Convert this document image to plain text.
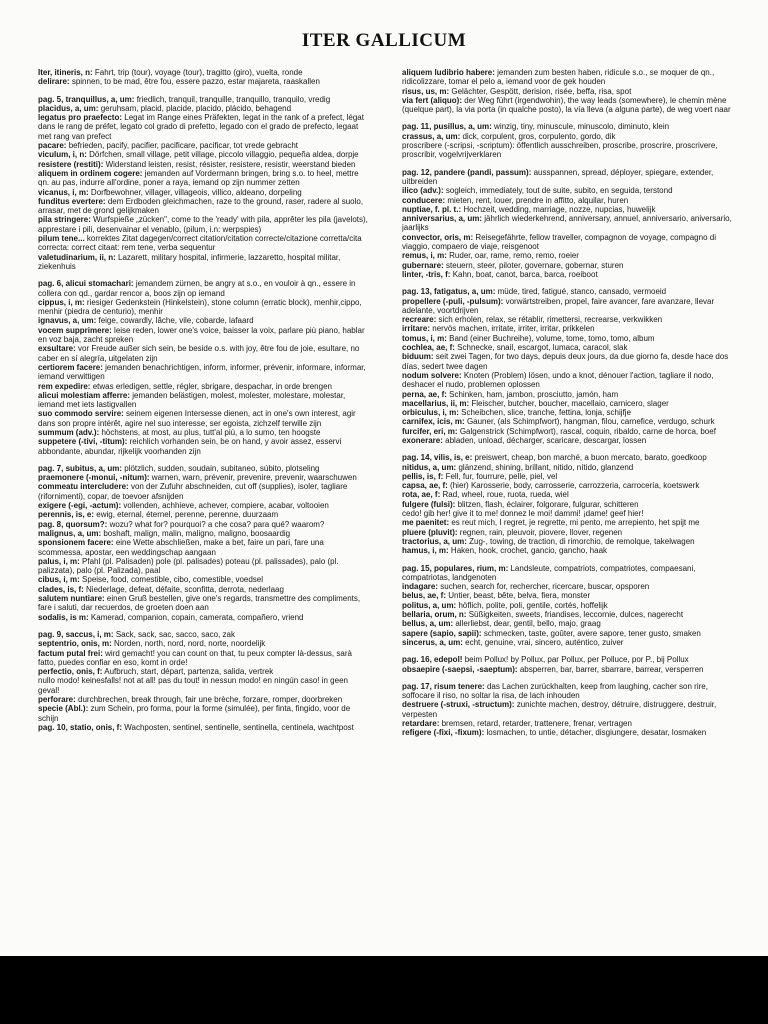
ITER GALLICUM

Iter, itineris, n: Fahrt, trip (tour), voyage (tour), tragitto (giro), vuelta, ronde

delirare: spinnen, to be mad, être fou, essere pazzo, estar majareta, raaskallen

pag. 5, tranquillus, a, um: friedlich, tranquil, tranquille, tranquillo, tranquilo, vredig

placidus, a, um: geruhsam, placid, placide, placido, plácido, behagend

legatus pro praefecto: Legat im Range eines Präfekten, legat in the rank of a prefect, légat dans le rang de préfet, legato col grado di prefetto, legado con el grado de prefecto, legaat met rang van prefect

pacare: befrieden, pacify, pacifier, pacificare, pacificar, tot vrede gebracht

viculum, i, n: Dörfchen, small village, petit village, piccolo villaggio, pequeña aldea, dorpje

resistere (restiti): Widerstand leisten, resist, résister, resistere, resistir, weerstand bieden

aliquem in ordinem cogere: jemanden auf Vordermann bringen, bring s.o. to heel, mettre qn. au pas, indurre all'ordine, poner a raya, iemand op zijn nummer zetten

vicanus, i, m: Dorfbewohner, villager, villageois, villico, aldeano, dorpeling

funditus evertere: dem Erdboden gleichmachen, raze to the ground, raser, radere al suolo, arrasar, met de grond gelijkmaken

pila stringere: Wurfspieße „zücken", come to the 'ready' with pila, apprêter les pila (javelots), apprestare i pili, desenvainar el venablo, (pilum, i.n: werpspies)

pilum tene... korrektes Zitat dagegen/correct citation/citation correcte/citazione corretta/cita correcta: correct citaat: rem tene, verba sequentur

valetudinarium, ii, n: Lazarett, military hospital, infirmerie, lazzaretto, hospital militar, ziekenhuis

pag. 6, alicui stomachari: jemandem zürnen, be angry at s.o., en vouloir à qn., essere in collera con qd., gardar rencor a, boos zijn op iemand

cippus, i, m: riesiger Gedenkstein (Hinkelstein), stone column (erratic block), menhir,cippo, menhir (piedra de centurio), menhir

ignavus, a, um: feige, cowardly, lâche, vile, cobarde, lafaard

vocem supprimere: leise reden, lower one's voice, baisser la voix, parlare più piano, hablar en voz baja, zacht spreken

exsultare: vor Freude außer sich sein, be beside o.s. with joy, être fou de joie, esultare, no caber en sí alegría, uitgelaten zijn

certiorem facere: jemanden benachrichtigen, inform, informer, prévenir, informare, informar, iemand verwittigen

rem expedire: etwas erledigen, settle, régler, sbrigare, despachar, in orde brengen

alicui molestiam afferre: jemanden belästigen, molest, molester, molestare, molestar, iemand met iets lastigvallen

suo commodo servire: seinem eigenen Intersesse dienen, act in one's own interest, agir dans son propre intérêt, agire nel suo interesse, ser egoista, zichzelf terwille zijn

summum (adv.): höchstens, at most, au plus, tutt'al più, a lo sumo, ten hoogste

suppetere (-tivi, -titum): reichlich vorhanden sein, be on hand, y avoir assez, esservi abbondante, abundar, rijkelijk voorhanden zijn

pag. 7, subitus, a, um: plötzlich, sudden, soudain, subitaneo, súbito, plotseling

praemonere (-monui, -nitum): warnen, warn, prévenir, prevenire, prevenir, waarschuwen

commeatu intercludere: von der Zufuhr abschneiden, cut off (supplies), isoler, tagliare (rifornimenti), copar, de toevoer afsnijden

exigere (-egi, -actum): vollenden, achhieve, achever, compiere, acabar, voltooien

perennis, is, e: ewig, eternal, éternel, perenne, perenne, duurzaam

pag. 8, quorsum?: wozu? what for? pourquoi? a che cosa? para qué? waarom?

malignus, a, um: boshaft, malign, malin, maligno, maligno, boosaardig

sponsionem facere: eine Wette abschließen, make a bet, faire un pari, fare una scommessa, apostar, een weddingschap aangaan

palus, i, m: Pfahl (pl. Palisaden) pole (pl. palisades) poteau (pl. palissades), palo (pl. palizzata), palo (pl. Palizada), paal

cibus, i, m: Speise, food, comestible, cibo, comestible, voedsel

clades, is, f: Niederlage, defeat, défaite, sconfitta, derrota, nederlaag

salutem nuntiare: einen Gruß bestellen, give one's regards, transmettre des compliments, fare i saluti, dar recuerdos, de groeten doen aan

sodalis, is m: Kamerad, companion, copain, camerata, compañero, vriend

pag. 9, saccus, i, m: Sack, sack, sac, sacco, saco, zak

septentrio, onis, m: Norden, north, nord, nord, norte, noordelijk

factum putal frei: wird gemacht! you can count on that, tu peux compter là-dessus, sarà fatto, puedes confiar en eso, komt in orde!

perfectio, onis, f: Aufbruch, start, départ, partenza, salida, vertrek

nullo modo! keinesfalls! not at all! pas du tout! in nessun modo! en ningún caso! in geen geval!

perforare: durchbrechen, break through, fair une brèche, forzare, romper, doorbreken

specie (Abl.): zum Schein, pro forma, pour la forme (simulée), per finta, fingido, voor de schijn

pag. 10, statio, onis, f: Wachposten, sentinel, sentinelle, sentinella, centinela, wachtpost

aliquem ludibrio habere: jemanden zum besten haben, ridicule s.o., se moquer de qn., ridicolizzare, tomar el pelo a, iemand voor de gek houden

risus, us, m: Gelächter, Gespött, derision, risée, beffa, risa, spot

via fert (aliquo): der Weg führt (irgendwohin), the way leads (somewhere), le chemin mène (quelque part), la via porta (in qualche posto), la vía lleva (a alguna parte), de weg voert naar

pag. 11, pusillus, a, um: winzig, tiny, minuscule, minuscolo, diminuto, klein

crassus, a, um: dick, corpulent, gros, corpulento, gordo, dik

proscribere (-scripsi, -scriptum): öffentlich ausschreiben, proscribe, proscrire, proscrivere, proscribir, vogelvrijverklaren

pag. 12, pandere (pandi, passum): ausspannen, spread, déployer, spiegare, extender, uitbreiden

ilico (adv.): sogleich, immediately, tout de suite, subito, en seguida, terstond

conducere: mieten, rent, louer, prendre in affitto, alquilar, huren

nuptiae, f. pl. t.: Hochzeit, wedding, marriage, nozze, nupcias, huwelijk

anniversarius, a, um: jährlich wiederkehrend, anniversary, annuel, anniversario, aniversario, jaarlijks

convector, oris, m: Reisegefährte, fellow traveller, compagnon de voyage, compagno di viaggio, compaero de viaje, reisgenoot

remus, i, m: Ruder, oar, rame, remo, remo, roeier

gubernare: steuern, steer, piloter, governare, gobernar, sturen

linter, -tris, f: Kahn, boat, canot, barca, barca, roeiboot

pag. 13, fatigatus, a, um: müde, tired, fatigué, stanco, cansado, vermoeid

propellere (-puli, -pulsum): vorwärtstreiben, propel, faire avancer, fare avanzare, llevar adelante, voortdrijven

recreare: sich erholen, relax, se rétablir, rimettersi, recrearse, verkwikken

irritare: nervös machen, irritate, irriter, irritar, prikkelen

tomus, i, m: Band (einer Buchreihe), volume, tome, tomo, tomo, album

cochlea, ae, f: Schnecke, snail, escargot, lumaca, caracol, slak

biduum: seit zwei Tagen, for two days, depuis deux jours, da due giorno fa, desde hace dos días, sedert twee dagen

nodum solvere: Knoten (Problem) lösen, undo a knot, dénouer l'action, tagliare il nodo, deshacer el nudo, problemen oplossen

perna, ae, f: Schinken, ham, jambon, prosciutto, jamón, ham

macellarius, ii, m: Fleischer, butcher, boucher, macellaio, carnicero, slager

orbiculus, i, m: Scheibchen, slice, tranche, fettina, lonja, schijfje

carnifex, icis, m: Gauner, (als Schimpfwort), hangman, filou, carnefice, verdugo, schurk

furcifer, eri, m: Galgenstrick (Schimpfwort), rascal, coquin, ribaldo, carne de horca, boef

exonerare: abladen, unload, décharger, scaricare, descargar, lossen

pag. 14, vilis, is, e: preiswert, cheap, bon marché, a buon mercato, barato, goedkoop

nitidus, a, um: glänzend, shining, brillant, nitido, nítido, glanzend

pellis, is, f: Fell, fur, fourrure, pelle, piel, vel

capsa, ae, f: (hier) Karosserie, body, carrosserie, carrozzeria, carrocería, koetswerk

rota, ae, f: Rad, wheel, roue, ruota, rueda, wiel

fulgere (fulsi): blitzen, flash, éclairer, folgorare, fulgurar, schitteren

cedo! gib her! give it to me! donnez le moi! dammi! ¡dame! geef hier!

me paenitet: es reut mich, I regret, je regrette, mi pento, me arrepiento, het spijt me

pluere (pluvit): regnen, rain, pleuvoir, piovere, llover, regenen

tractorius, a, um: Zug-, towing, de traction, di rimorchio, de remolque, takelwagen

hamus, i, m: Haken, hook, crochet, gancio, gancho, haak

pag. 15, populares, rium, m: Landsleute, compatriots, compatriotes, compaesani, compatriotas, landgenoten

indagare: suchen, search for, rechercher, ricercare, buscar, opsporen

belus, ae, f: Untier, beast, bête, belva, fiera, monster

politus, a, um: höflich, polite, poli, gentile, cortés, hoffelijk

bellaria, orum, n: Süßigkeiten, sweets, friandises, leccornie, dulces, nagerecht

bellus, a, um: allerliebst, dear, gentil, bello, majo, graag

sapere (sapio, sapii): schmecken, taste, goûter, avere sapore, tener gusto, smaken

sincerus, a, um: echt, genuine, vrai, sincero, auténtico, zuiver

pag. 16, edepol! beim Pollux! by Pollux, par Pollux, per Polluce, por P., bij Pollux

obsaepire (-saepsi, -saeptum): absperren, bar, barrer, sbarrare, barrear, versperren

pag. 17, risum tenere: das Lachen zurückhalten, keep from laughing, cacher son rire, soffocare il riso, no soltar la risa, de lach inhouden

destruere (-struxi, -structum): zunichte machen, destroy, détruire, distruggere, destruir, verpesten

retardare: bremsen, retard, retarder, trattenere, frenar, vertragen

refigere (-fixi, -fixum): losmachen, to untie, détacher, disgiungere, desatar, losmaken
